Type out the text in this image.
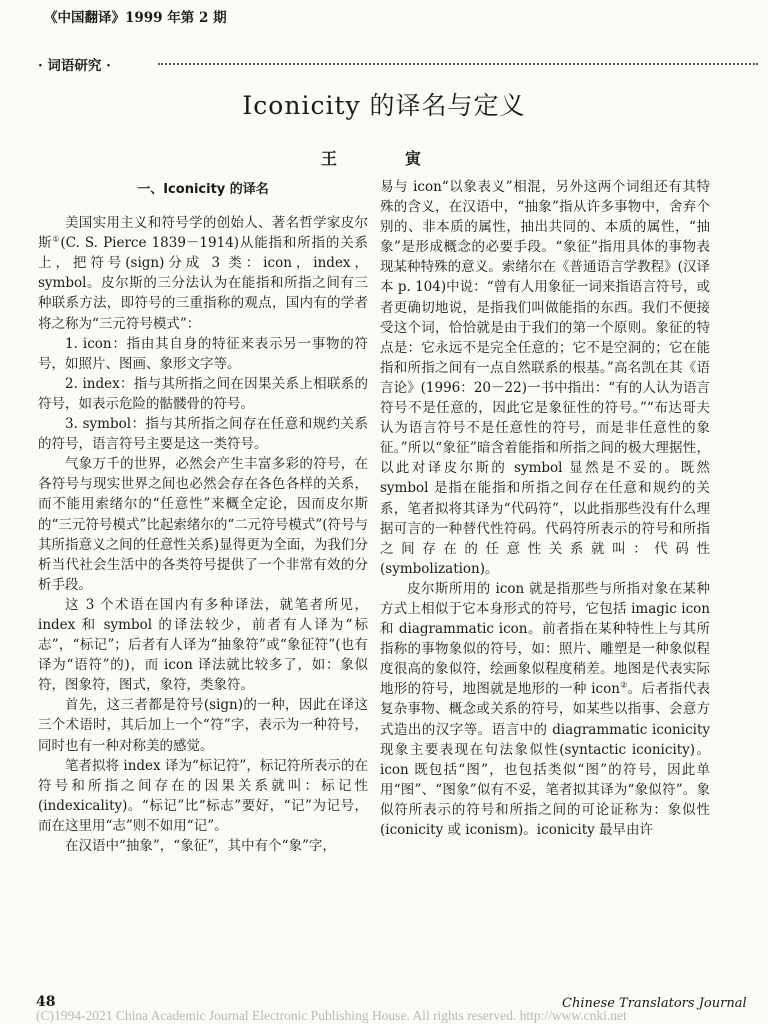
《中国翻译》1999 年第 2 期
· 词语研究 ·
Iconicity 的译名与定义
王　寅
一、Iconicity 的译名

美国实用主义和符号学的创始人、著名哲学家皮尔斯①(C. S. Pierce 1839－1914)从能指和所指的关系上，把符号(sign)分成 3 类：icon，index，symbol。皮尔斯的三分法认为在能指和所指之间有三种联系方法，即符号的三重指称的观点，国内有的学者将之称为“三元符号模式”：

1. icon：指由其自身的特征来表示另一事物的符号，如照片、图画、象形文字等。

2. index：指与其所指之间在因果关系上相联系的符号，如表示危险的骷髅骨的符号。

3. symbol：指与其所指之间存在任意和规约关系的符号，语言符号主要是这一类符号。

气象万千的世界，必然会产生丰富多彩的符号，在各符号与现实世界之间也必然会存在各色各样的关系，而不能用索绪尔的“任意性”来概全定论，因而皮尔斯的“三元符号模式”比起索绪尔的“二元符号模式”(符号与其所指意义之间的任意性关系)显得更为全面，为我们分析当代社会生活中的各类符号提供了一个非常有效的分析手段。

这 3 个术语在国内有多种译法，就笔者所见，index 和 symbol 的译法较少，前者有人译为“标志”，“标记”；后者有人译为“抽象符”或“象征符”(也有译为“语符”的)，而 icon 译法就比较多了，如：象似符，图象符，图式，象符，类象符。

首先，这三者都是符号(sign)的一种，因此在译这三个术语时，其后加上一个“符”字，表示为一种符号，同时也有一种对称美的感觉。

笔者拟将 index 译为“标记符”，标记符所表示的在符号和所指之间存在的因果关系就叫：标记性(indexicality)。“标记”比“标志”要好，“记”为记号，而在这里用“志”则不如用“记”。

在汉语中“抽象”，“象征”，其中有个“象”字，

易与 icon“以象表义”相混，另外这两个词组还有其特殊的含义，在汉语中，“抽象”指从许多事物中，舍弃个别的、非本质的属性，抽出共同的、本质的属性，“抽象”是形成概念的必要手段。“象征”指用具体的事物表现某种特殊的意义。索绪尔在《普通语言学教程》(汉译本 p. 104)中说：“曾有人用象征一词来指语言符号，或者更确切地说，是指我们叫做能指的东西。我们不便接受这个词，恰恰就是由于我们的第一个原则。象征的特点是：它永远不是完全任意的；它不是空洞的；它在能指和所指之间有一点自然联系的根基。”高名凯在其《语言论》(1996：20－22)一书中指出：“有的人认为语言符号不是任意的，因此它是象征性的符号。”“布达哥夫认为语言符号不是任意性的符号，而是非任意性的象征。”所以“象征”暗含着能指和所指之间的极大理据性，以此对译皮尔斯的 symbol 显然是不妥的。既然 symbol 是指在能指和所指之间存在任意和规约的关系，笔者拟将其译为“代码符”，以此指那些没有什么理据可言的一种替代性符码。代码符所表示的符号和所指之间存在的任意性关系就叫：代码性(symbolization)。

皮尔斯所用的 icon 就是指那些与所指对象在某种方式上相似于它本身形式的符号，它包括 imagic icon 和 diagrammatic icon。前者指在某种特性上与其所指称的事物象似的符号，如：照片、雕塑是一种象似程度很高的象似符，绘画象似程度稍差。地图是代表实际地形的符号，地图就是地形的一种 icon②。后者指代表复杂事物、概念或关系的符号，如某些以指事、会意方式造出的汉字等。语言中的 diagrammatic iconicity 现象主要表现在句法象似性(syntactic iconicity)。icon 既包括“图”，也包括类似“图”的符号，因此单用“图”、“图象”似有不妥，笔者拟其译为“象似符”。象似符所表示的符号和所指之间的可论证称为：象似性(iconicity 或 iconism)。iconicity 最早由许

48	Chinese Translators Journal
(C)1994-2021 China Academic Journal Electronic Publishing House. All rights reserved. http://www.cnki.net
